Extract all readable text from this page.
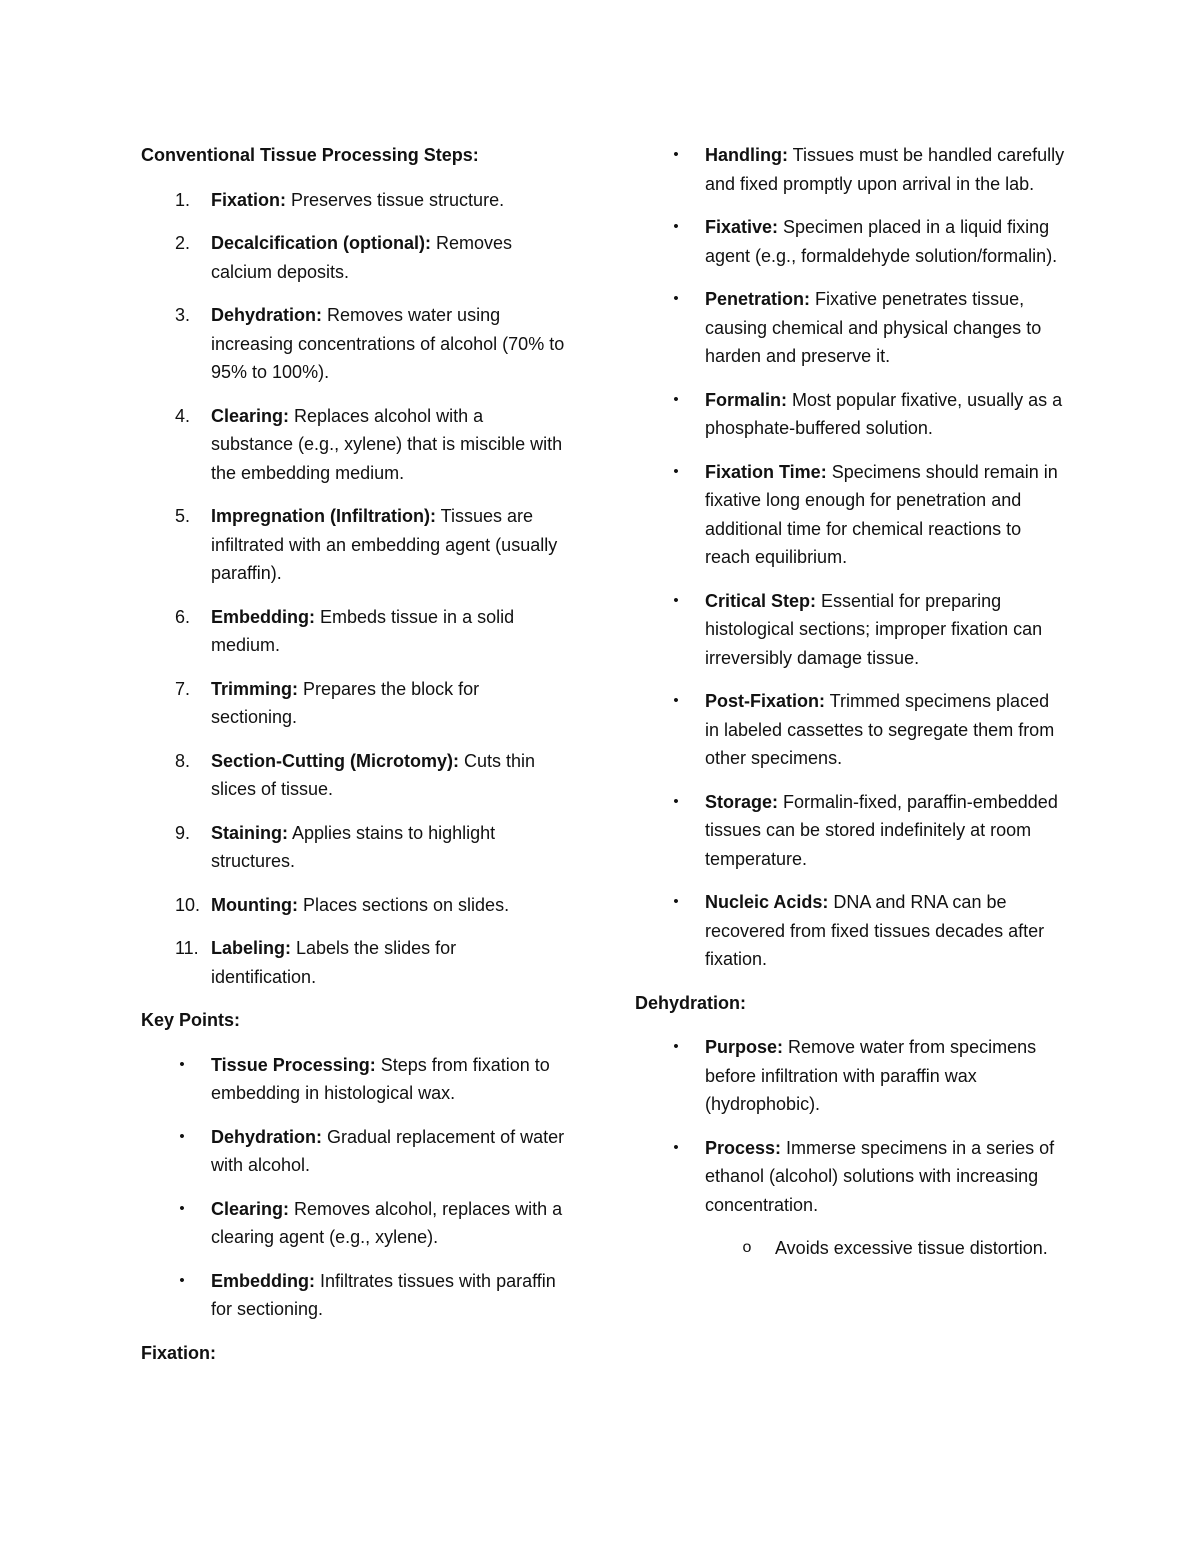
Conventional Tissue Processing Steps:
1.	Fixation: Preserves tissue structure.
2.	Decalcification (optional): Removes calcium deposits.
3.	Dehydration: Removes water using increasing concentrations of alcohol (70% to 95% to 100%).
4.	Clearing: Replaces alcohol with a substance (e.g., xylene) that is miscible with the embedding medium.
5.	Impregnation (Infiltration): Tissues are infiltrated with an embedding agent (usually paraffin).
6.	Embedding: Embeds tissue in a solid medium.
7.	Trimming: Prepares the block for sectioning.
8.	Section-Cutting (Microtomy): Cuts thin slices of tissue.
9.	Staining: Applies stains to highlight structures.
10. Mounting: Places sections on slides.
11. Labeling: Labels the slides for identification.
Key Points:
• Tissue Processing: Steps from fixation to embedding in histological wax.
• Dehydration: Gradual replacement of water with alcohol.
• Clearing: Removes alcohol, replaces with a clearing agent (e.g., xylene).
• Embedding: Infiltrates tissues with paraffin for sectioning.
Fixation:
• Handling: Tissues must be handled carefully and fixed promptly upon arrival in the lab.
• Fixative: Specimen placed in a liquid fixing agent (e.g., formaldehyde solution/formalin).
• Penetration: Fixative penetrates tissue, causing chemical and physical changes to harden and preserve it.
• Formalin: Most popular fixative, usually as a phosphate-buffered solution.
• Fixation Time: Specimens should remain in fixative long enough for penetration and additional time for chemical reactions to reach equilibrium.
• Critical Step: Essential for preparing histological sections; improper fixation can irreversibly damage tissue.
• Post-Fixation: Trimmed specimens placed in labeled cassettes to segregate them from other specimens.
• Storage: Formalin-fixed, paraffin-embedded tissues can be stored indefinitely at room temperature.
• Nucleic Acids: DNA and RNA can be recovered from fixed tissues decades after fixation.
Dehydration:
• Purpose: Remove water from specimens before infiltration with paraffin wax (hydrophobic).
• Process: Immerse specimens in a series of ethanol (alcohol) solutions with increasing concentration.
o Avoids excessive tissue distortion.
